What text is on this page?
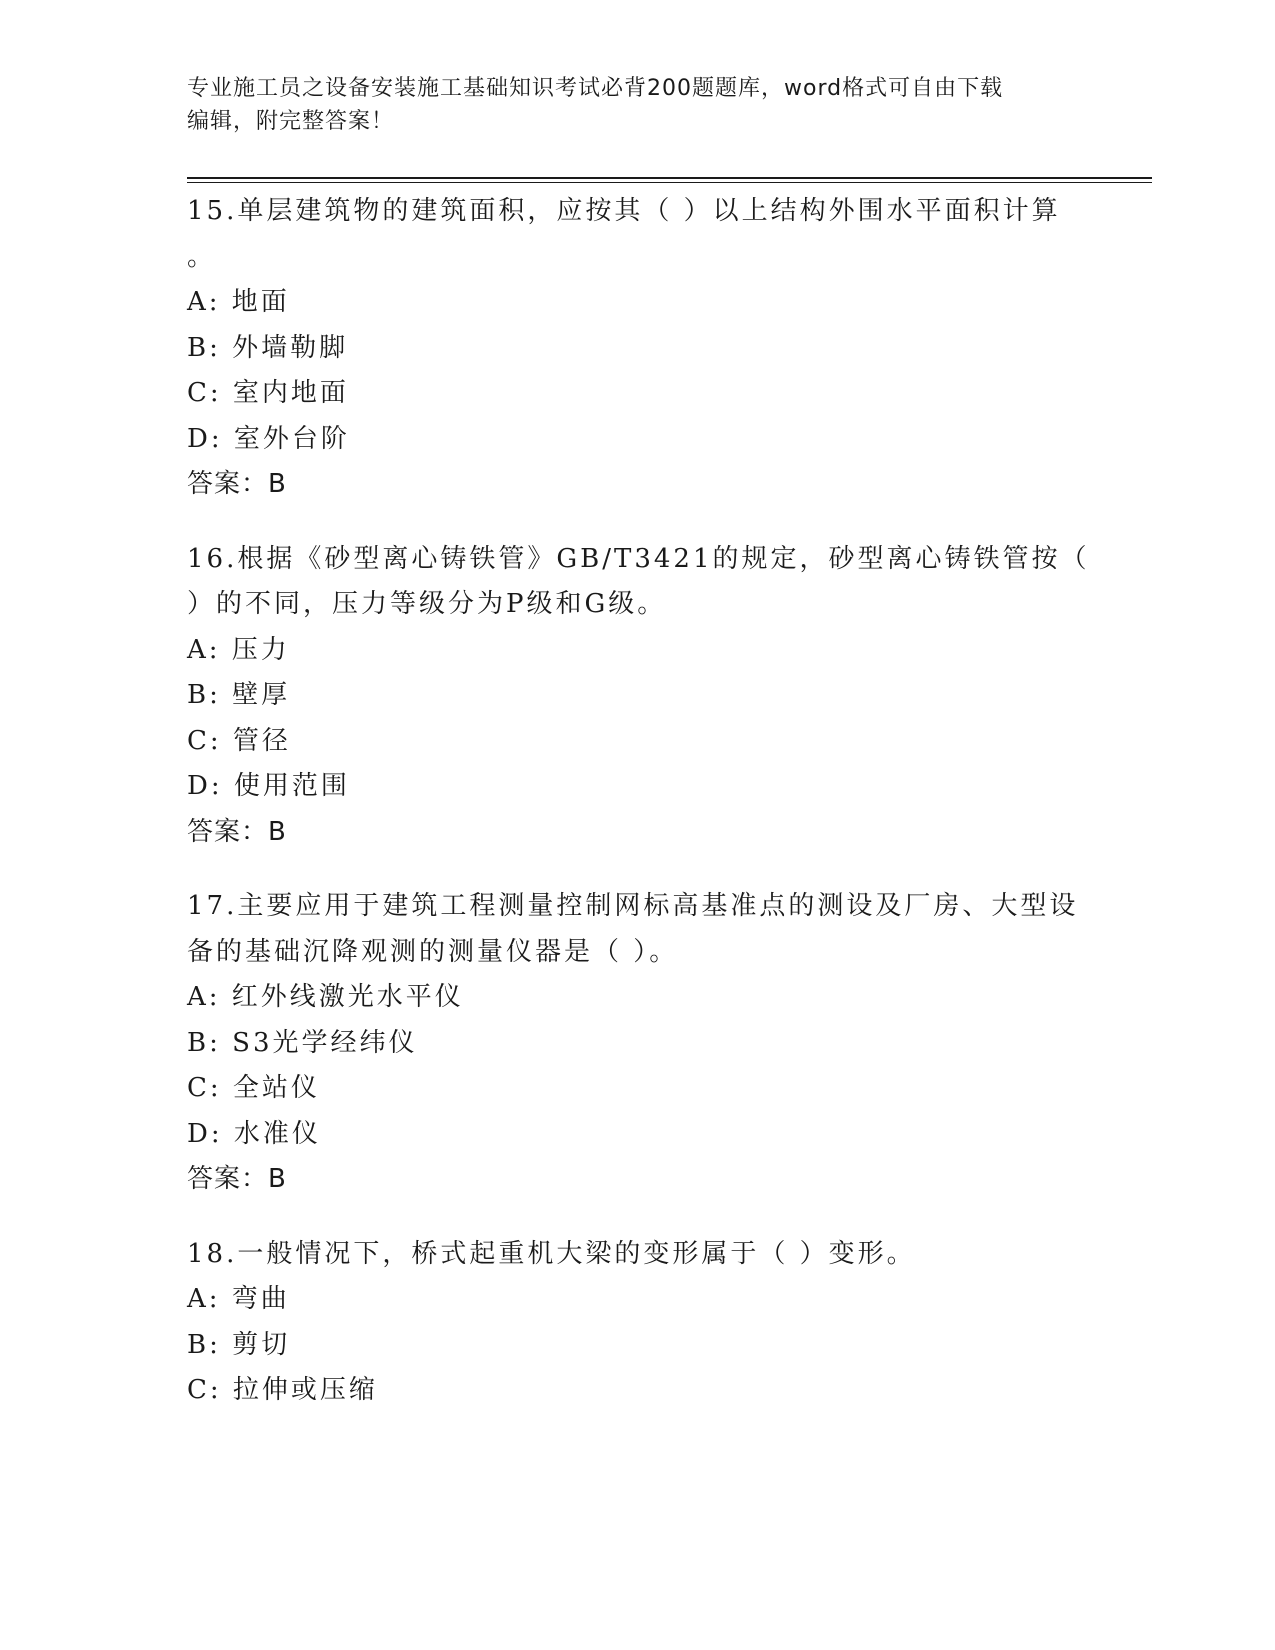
专业施工员之设备安装施工基础知识考试必背200题题库，word格式可自由下载
编辑，附完整答案！
15.单层建筑物的建筑面积，应按其（ ）以上结构外围水平面积计算
。
A: 地面
B: 外墙勒脚
C: 室内地面
D: 室外台阶
答案：B
16.根据《砂型离心铸铁管》GB/T3421的规定，砂型离心铸铁管按（
）的不同，压力等级分为P级和G级。
A: 压力
B: 壁厚
C: 管径
D: 使用范围
答案：B
17.主要应用于建筑工程测量控制网标高基准点的测设及厂房、大型设
备的基础沉降观测的测量仪器是（ ）。
A: 红外线激光水平仪
B: S3光学经纬仪
C: 全站仪
D: 水准仪
答案：B
18.一般情况下，桥式起重机大梁的变形属于（ ）变形。
A: 弯曲
B: 剪切
C: 拉伸或压缩
